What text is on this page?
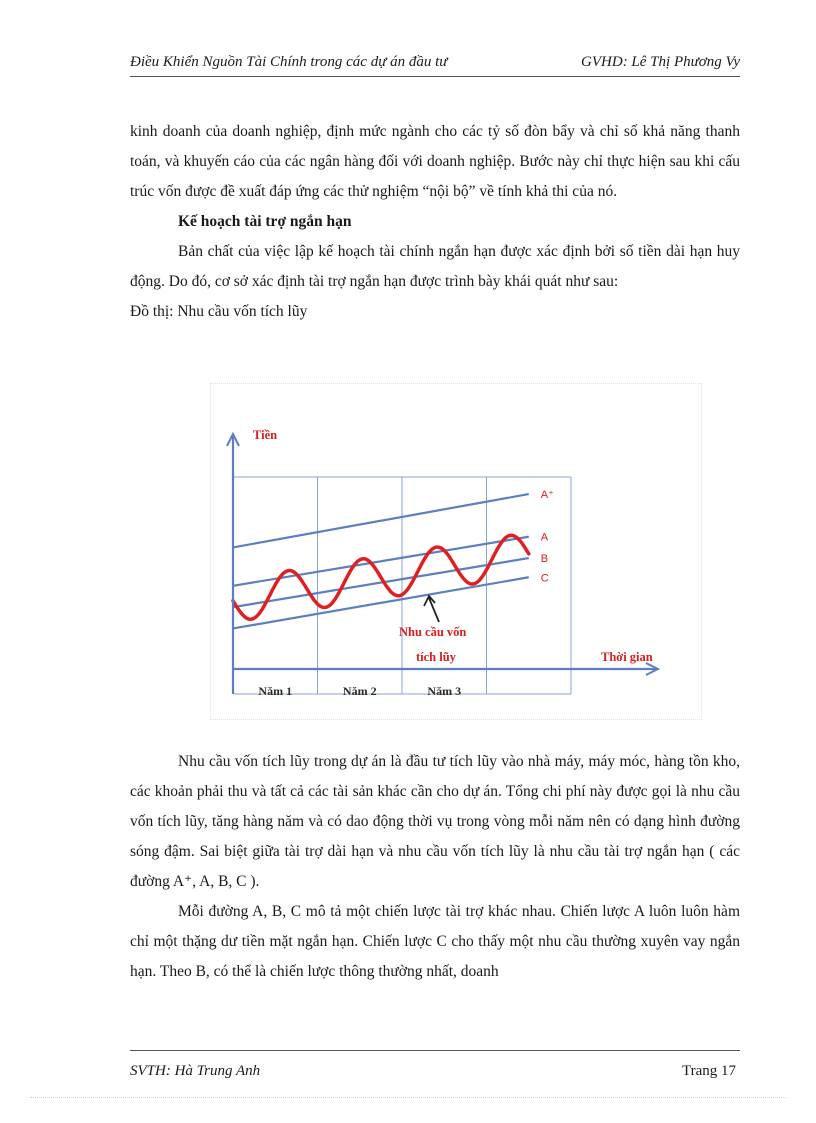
Điều Khiển Nguồn Tài Chính trong các dự án đầu tư	GVHD: Lê Thị Phương Vy

kinh doanh của doanh nghiệp, định mức ngành cho các tỷ số đòn bẩy và chỉ số khả năng thanh toán, và khuyến cáo của các ngân hàng đối với doanh nghiệp. Bước này chỉ thực hiện sau khi cấu trúc vốn được đề xuất đáp ứng các thử nghiệm “nội bộ” về tính khả thi của nó.

Kế hoạch tài trợ ngắn hạn

Bản chất của việc lập kế hoạch tài chính ngắn hạn được xác định bởi số tiền dài hạn huy động. Do đó, cơ sở xác định tài trợ ngắn hạn được trình bày khái quát như sau:

Đồ thị: Nhu cầu vốn tích lũy

A⁺
A
B
C
Năm 1	Năm 2	Năm 3
Tiền
Thời gian
Nhu cầu vốn
tích lũy

Nhu cầu vốn tích lũy trong dự án là đầu tư tích lũy vào nhà máy, máy móc, hàng tồn kho, các khoản phải thu và tất cả các tài sản khác cần cho dự án. Tổng chi phí này được gọi là nhu cầu vốn tích lũy, tăng hàng năm và có dao động thời vụ trong vòng mỗi năm nên có dạng hình đường sóng đậm. Sai biệt giữa tài trợ dài hạn và nhu cầu vốn tích lũy là nhu cầu tài trợ ngắn hạn ( các đường A⁺, A, B, C ).

Mỗi đường A, B, C mô tả một chiến lược tài trợ khác nhau. Chiến lược A luôn luôn hàm chỉ một thặng dư tiền mặt ngắn hạn. Chiến lược C cho thấy một nhu cầu thường xuyên vay ngắn hạn. Theo B, có thể là chiến lược thông thường nhất, doanh

SVTH: Hà Trung Anh	Trang 17
